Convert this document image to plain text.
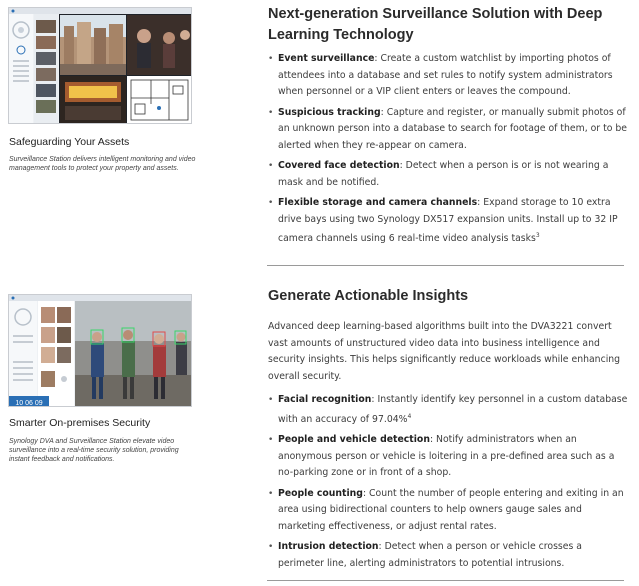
Safeguarding Your Assets
Surveillance Station delivers intelligent monitoring and video management tools to protect your property and assets.
10 06 09
Smarter On-premises Security
Synology DVA and Surveillance Station elevate video surveillance into a real-time security solution, providing instant feedback and notifications.
Next-generation Surveillance Solution with Deep Learning Technology
• Event surveillance: Create a custom watchlist by importing photos of attendees into a database and set rules to notify system administrators when personnel or a VIP client enters or leaves the compound.
• Suspicious tracking: Capture and register, or manually submit photos of an unknown person into a database to search for footage of them, or to be alerted when they re-appear on camera.
• Covered face detection: Detect when a person is or is not wearing a mask and be notified.
• Flexible storage and camera channels: Expand storage to 10 extra drive bays using two Synology DX517 expansion units. Install up to 32 IP camera channels using 6 real-time video analysis tasks$^3$
Generate Actionable Insights

Advanced deep learning-based algorithms built into the DVA3221 convert vast amounts of unstructured video data into business intelligence and security insights. This helps significantly reduce workloads while enhancing overall security.

• Facial recognition: Instantly identify key personnel in a custom database with an accuracy of 97.04%$^4$
• People and vehicle detection: Notify administrators when an anonymous person or vehicle is loitering in a pre-defined area such as a no-parking zone or in front of a shop.
• People counting: Count the number of people entering and exiting in an area using bidirectional counters to help owners gauge sales and marketing effectiveness, or adjust rental rates.
• Intrusion detection: Detect when a person or vehicle crosses a perimeter line, alerting administrators to potential intrusions.
